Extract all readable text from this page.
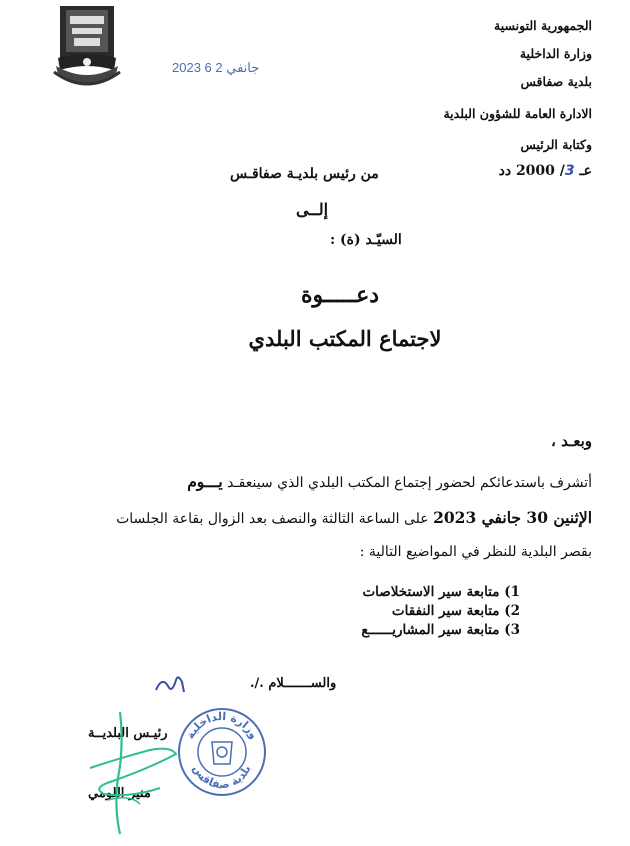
2023 جانفي 2 6
الجمهورية التونسية
وزارة الداخلية
بلدية صفاقس
الادارة العامة للشؤون البلدية
وكتابة الرئيس
عـ 3/ 2000 دد
من رئيس بلديـة صفاقـس
إلــى
السيّـد (ة) :
دعـــــوة
لاجتماع المكتب البلدي
وبعـد ،
أتشرف باستدعائكم لحضور إجتماع المكتب البلدي الذي سينعقـد يـــوم
الإثنين 30 جانفي 2023 على الساعة الثالثة والنصف بعد الزوال بقاعة الجلسات
بقصر البلدية للنظر في المواضيع التالية :
1) متابعة سير الاستخلاصات
2) متابعة سير النفقات
3) متابعة سير المشاريــــــع
والســـــــلام ./.
وزارة الداخلية
بلدية صفاقس
رئيـس البلديــة
منير اللومي
